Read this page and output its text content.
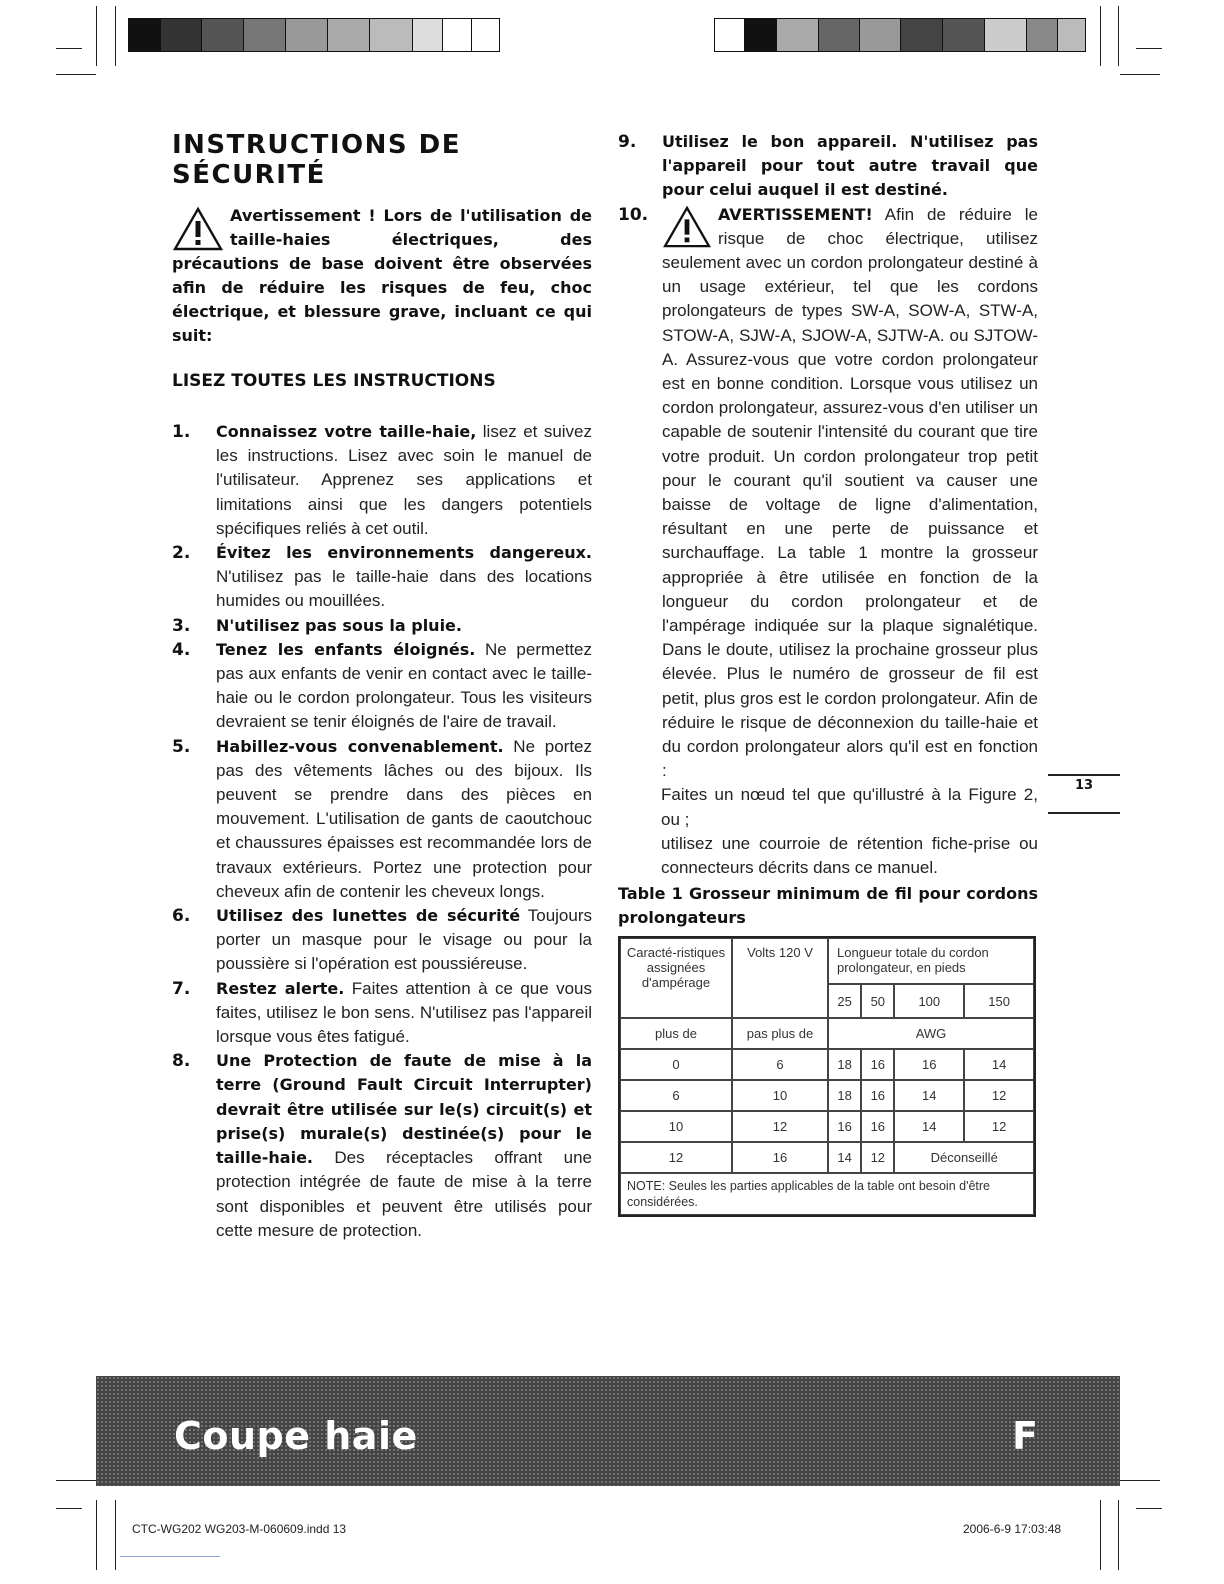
INSTRUCTIONS DE
SÉCURITÉ
Avertissement ! Lors de l'utilisation de taille-haies électriques, des précautions de base doivent être observées afin de réduire les risques de feu, choc électrique, et blessure grave, incluant ce qui suit:
LISEZ TOUTES LES INSTRUCTIONS
1. Connaissez votre taille-haie, lisez et suivez les instructions. Lisez avec soin le manuel de l'utilisateur. Apprenez ses applications et limitations ainsi que les dangers potentiels spécifiques reliés à cet outil.
2. Évitez les environnements dangereux. N'utilisez pas le taille-haie dans des locations humides ou mouillées.
3. N'utilisez pas sous la pluie.
4. Tenez les enfants éloignés. Ne permettez pas aux enfants de venir en contact avec le taille-haie ou le cordon prolongateur. Tous les visiteurs devraient se tenir éloignés de l'aire de travail.
5. Habillez-vous convenablement. Ne portez pas des vêtements lâches ou des bijoux. Ils peuvent se prendre dans des pièces en mouvement. L'utilisation de gants de caoutchouc et chaussures épaisses est recommandée lors de travaux extérieurs. Portez une protection pour cheveux afin de contenir les cheveux longs.
6. Utilisez des lunettes de sécurité Toujours porter un masque pour le visage ou pour la poussière si l'opération est poussiéreuse.
7. Restez alerte. Faites attention à ce que vous faites, utilisez le bon sens. N'utilisez pas l'appareil lorsque vous êtes fatigué.
8. Une Protection de faute de mise à la terre (Ground Fault Circuit Interrupter) devrait être utilisée sur le(s) circuit(s) et prise(s) murale(s) destinée(s) pour le taille-haie. Des réceptacles offrant une protection intégrée de faute de mise à la terre sont disponibles et peuvent être utilisés pour cette mesure de protection.
9. Utilisez le bon appareil. N'utilisez pas l'appareil pour tout autre travail que pour celui auquel il est destiné.
10.	AVERTISSEMENT! Afin de réduire le risque de choc électrique, utilisez seulement avec un cordon prolongateur destiné à un usage extérieur, tel que les cordons prolongateurs de types SW-A, SOW-A, STW-A, STOW-A, SJW-A, SJOW-A, SJTW-A. ou SJTOW-A. Assurez-vous que votre cordon prolongateur est en bonne condition. Lorsque vous utilisez un cordon prolongateur, assurez-vous d'en utiliser un capable de soutenir l'intensité du courant que tire votre produit. Un cordon prolongateur trop petit pour le courant qu'il soutient va causer une baisse de voltage de ligne d'alimentation, résultant en une perte de puissance et surchauffage. La table 1 montre la grosseur appropriée à être utilisée en fonction de la longueur du cordon prolongateur et de l'ampérage indiquée sur la plaque signalétique. Dans le doute, utilisez la prochaine grosseur plus élevée. Plus le numéro de grosseur de fil est petit, plus gros est le cordon prolongateur. Afin de réduire le risque de déconnexion du taille-haie et du cordon prolongateur alors qu'il est en fonction :
Faites un nœud tel que qu'illustré à la Figure 2, ou ;
utilisez une courroie de rétention fiche-prise ou connecteurs décrits dans ce manuel.
Table 1 Grosseur minimum de fil pour cordons prolongateurs
Caracté-ristiques assignées d'ampérage	Volts 120 V	Longueur totale du cordon prolongateur, en pieds			
		25	50	100	150
plus de	pas plus de	AWG			
0	6	18	16	16	14
6	10	18	16	14	12
10	12	16	16	14	12
12	16	14	12	Déconseillé	
NOTE: Seules les parties applicables de la table ont besoin d'être considérées.					
13
Coupe haie	F
CTC-WG202 WG203-M-060609.indd 13	2006-6-9 17:03:48
